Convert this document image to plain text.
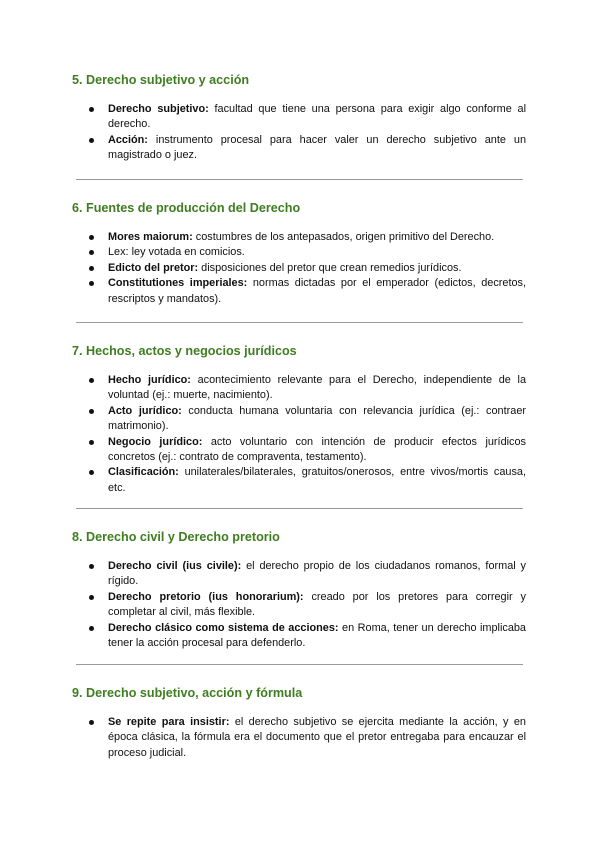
5. Derecho subjetivo y acción
Derecho subjetivo: facultad que tiene una persona para exigir algo conforme al derecho.
Acción: instrumento procesal para hacer valer un derecho subjetivo ante un magistrado o juez.
6. Fuentes de producción del Derecho
Mores maiorum: costumbres de los antepasados, origen primitivo del Derecho.
Lex: ley votada en comicios.
Edicto del pretor: disposiciones del pretor que crean remedios jurídicos.
Constitutiones imperiales: normas dictadas por el emperador (edictos, decretos, rescriptos y mandatos).
7. Hechos, actos y negocios jurídicos
Hecho jurídico: acontecimiento relevante para el Derecho, independiente de la voluntad (ej.: muerte, nacimiento).
Acto jurídico: conducta humana voluntaria con relevancia jurídica (ej.: contraer matrimonio).
Negocio jurídico: acto voluntario con intención de producir efectos jurídicos concretos (ej.: contrato de compraventa, testamento).
Clasificación: unilaterales/bilaterales, gratuitos/onerosos, entre vivos/mortis causa, etc.
8. Derecho civil y Derecho pretorio
Derecho civil (ius civile): el derecho propio de los ciudadanos romanos, formal y rígido.
Derecho pretorio (ius honorarium): creado por los pretores para corregir y completar al civil, más flexible.
Derecho clásico como sistema de acciones: en Roma, tener un derecho implicaba tener la acción procesal para defenderlo.
9. Derecho subjetivo, acción y fórmula
Se repite para insistir: el derecho subjetivo se ejercita mediante la acción, y en época clásica, la fórmula era el documento que el pretor entregaba para encauzar el proceso judicial.
